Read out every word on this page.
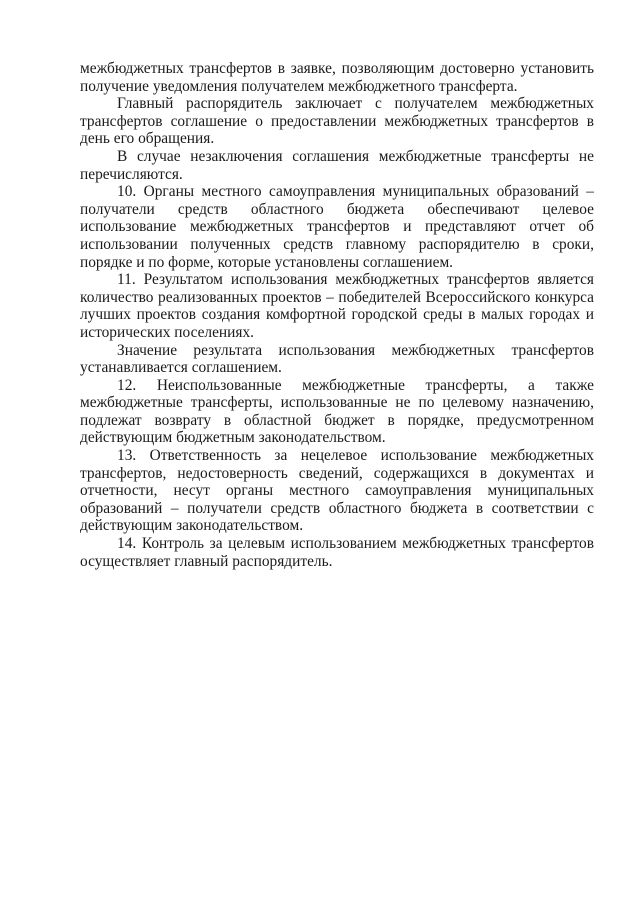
межбюджетных трансфертов в заявке, позволяющим достоверно установить получение уведомления получателем межбюджетного трансферта.

Главный распорядитель заключает с получателем межбюджетных трансфертов соглашение о предоставлении межбюджетных трансфертов в день его обращения.

В случае незаключения соглашения межбюджетные трансферты не перечисляются.

10. Органы местного самоуправления муниципальных образований – получатели средств областного бюджета обеспечивают целевое использование межбюджетных трансфертов и представляют отчет об использовании полученных средств главному распорядителю в сроки, порядке и по форме, которые установлены соглашением.

11. Результатом использования межбюджетных трансфертов является количество реализованных проектов – победителей Всероссийского конкурса лучших проектов создания комфортной городской среды в малых городах и исторических поселениях.

Значение результата использования межбюджетных трансфертов устанавливается соглашением.

12. Неиспользованные межбюджетные трансферты, а также межбюджетные трансферты, использованные не по целевому назначению, подлежат возврату в областной бюджет в порядке, предусмотренном действующим бюджетным законодательством.

13. Ответственность за нецелевое использование межбюджетных трансфертов, недостоверность сведений, содержащихся в документах и отчетности, несут органы местного самоуправления муниципальных образований – получатели средств областного бюджета в соответствии с действующим законодательством.

14. Контроль за целевым использованием межбюджетных трансфертов осуществляет главный распорядитель.
